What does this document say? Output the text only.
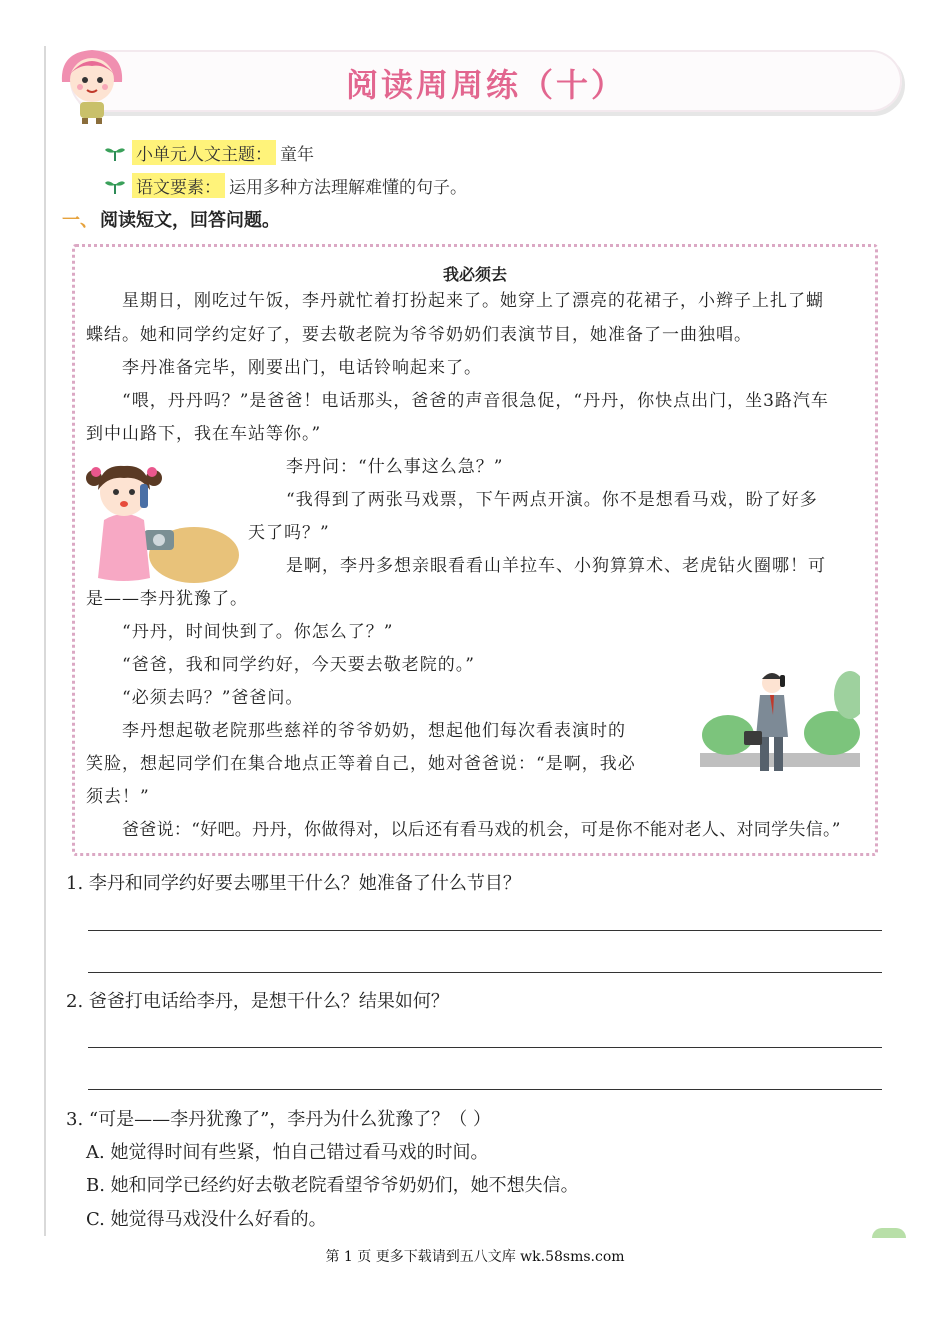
阅读周周练（十）
小单元人文主题： 童年
语文要素： 运用多种方法理解难懂的句子。
一、 阅读短文，回答问题。
我必须去
星期日，刚吃过午饭，李丹就忙着打扮起来了。她穿上了漂亮的花裙子，小辫子上扎了蝴
蝶结。她和同学约定好了，要去敬老院为爷爷奶奶们表演节目，她准备了一曲独唱。
李丹准备完毕，刚要出门，电话铃响起来了。
“喂，丹丹吗？”是爸爸！电话那头，爸爸的声音很急促，“丹丹，你快点出门，坐3路汽车
到中山路下，我在车站等你。”
李丹问：“什么事这么急？”
“我得到了两张马戏票，下午两点开演。你不是想看马戏，盼了好多
天了吗？”
是啊，李丹多想亲眼看看山羊拉车、小狗算算术、老虎钻火圈哪！可
是——李丹犹豫了。
“丹丹，时间快到了。你怎么了？”
“爸爸，我和同学约好，今天要去敬老院的。”
“必须去吗？”爸爸问。
李丹想起敬老院那些慈祥的爷爷奶奶，想起他们每次看表演时的
笑脸，想起同学们在集合地点正等着自己，她对爸爸说：“是啊，我必
须去！”
爸爸说：“好吧。丹丹，你做得对，以后还有看马戏的机会，可是你不能对老人、对同学失信。”
1. 李丹和同学约好要去哪里干什么？她准备了什么节目？
2. 爸爸打电话给李丹，是想干什么？结果如何？
3. “可是——李丹犹豫了”，李丹为什么犹豫了？（ ）
A. 她觉得时间有些紧，怕自己错过看马戏的时间。
B. 她和同学已经约好去敬老院看望爷爷奶奶们，她不想失信。
C. 她觉得马戏没什么好看的。
第 1 页 更多下载请到五八文库 wk.58sms.com
